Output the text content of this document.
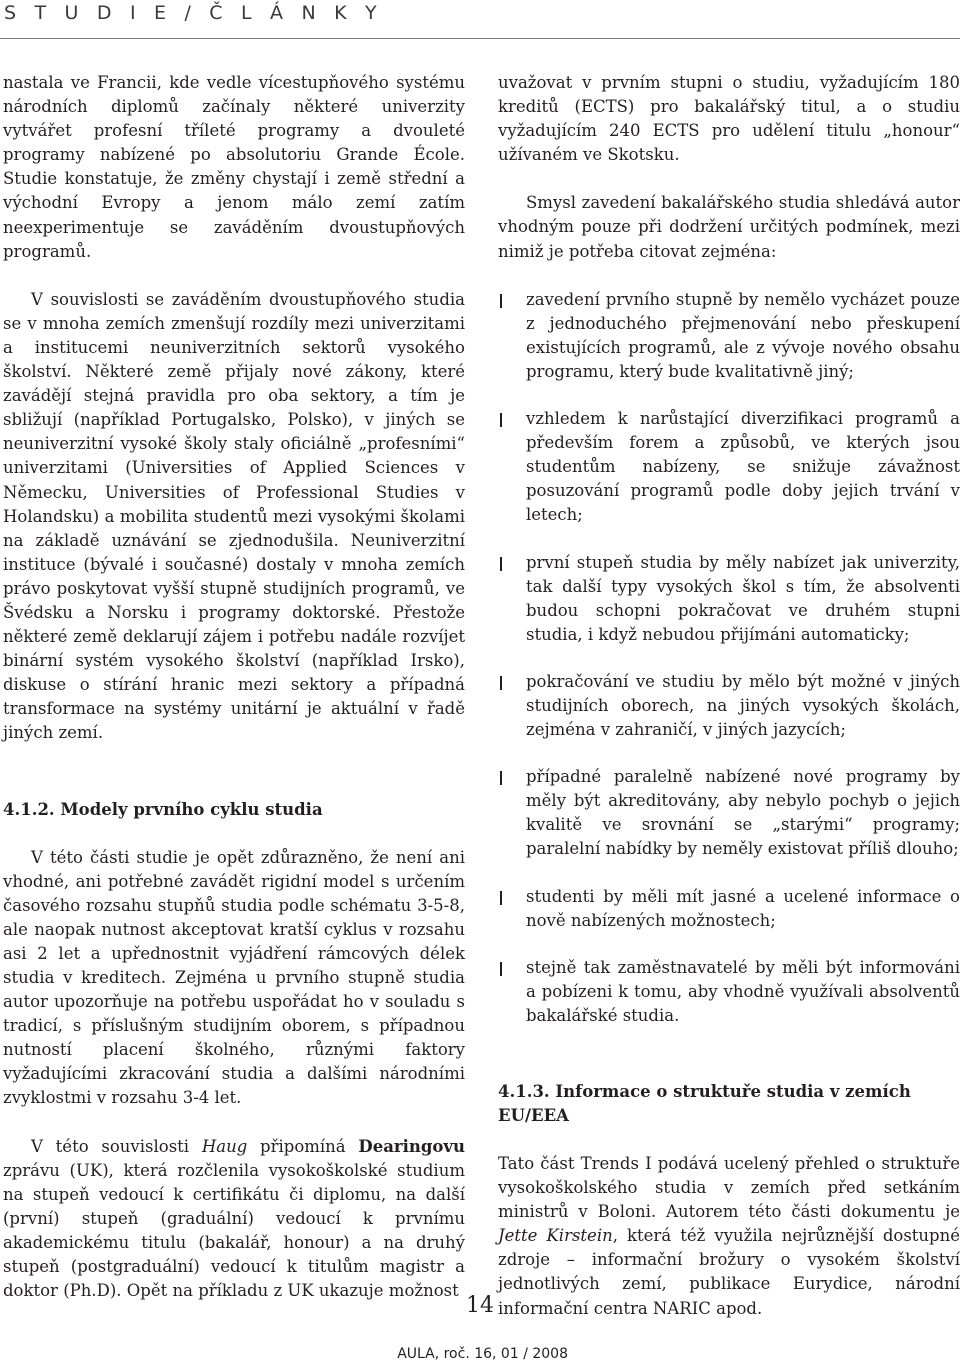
S T U D I E / Č L Á N K Y

nastala ve Francii, kde vedle vícestupňového systému národních diplomů začínaly některé univerzity vytvářet profesní tříleté programy a dvouleté programy nabízené po absolutoriu Grande École. Studie konstatuje, že změny chystají i země střední a východní Evropy a jenom málo zemí zatím neexperimentuje se zaváděním dvoustupňových programů.

V souvislosti se zaváděním dvoustupňového studia se v mnoha zemích zmenšují rozdíly mezi univerzitami a institucemi neuniverzitních sektorů vysokého školství. Některé země přijaly nové zákony, které zavádějí stejná pravidla pro oba sektory, a tím je sbližují (například Portugalsko, Polsko), v jiných se neuniverzitní vysoké školy staly oficiálně „profesními“ univerzitami (Universities of Applied Sciences v Německu, Universities of Professional Studies v Holandsku) a mobilita studentů mezi vysokými školami na základě uznávání se zjednodušila. Neuniverzitní instituce (bývalé i současné) dostaly v mnoha zemích právo poskytovat vyšší stupně studijních programů, ve Švédsku a Norsku i programy doktorské. Přestože některé země deklarují zájem i potřebu nadále rozvíjet binární systém vysokého školství (například Irsko), diskuse o stírání hranic mezi sektory a případná transformace na systémy unitární je aktuální v řadě jiných zemí.

4.1.2. Modely prvního cyklu studia

V této části studie je opět zdůrazněno, že není ani vhodné, ani potřebné zavádět rigidní model s určením časového rozsahu stupňů studia podle schématu 3-5-8, ale naopak nutnost akceptovat kratší cyklus v rozsahu asi 2 let a upřednostnit vyjádření rámcových délek studia v kreditech. Zejména u prvního stupně studia autor upozorňuje na potřebu uspořádat ho v souladu s tradicí, s příslušným studijním oborem, s případnou nutností placení školného, různými faktory vyžadujícími zkracování studia a dalšími národními zvyklostmi v rozsahu 3-4 let.

V této souvislosti Haug připomíná Dearingovu zprávu (UK), která rozčlenila vysokoškolské studium na stupeň vedoucí k certifikátu či diplomu, na další (první) stupeň (graduální) vedoucí k prvnímu akademickému titulu (bakalář, honour) a na druhý stupeň (postgraduální) vedoucí k titulům magistr a doktor (Ph.D). Opět na příkladu z UK ukazuje možnost

uvažovat v prvním stupni o studiu, vyžadujícím 180 kreditů (ECTS) pro bakalářský titul, a o studiu vyžadujícím 240 ECTS pro udělení titulu „honour“ užívaném ve Skotsku.

Smysl zavedení bakalářského studia shledává autor vhodným pouze při dodržení určitých podmínek, mezi nimiž je potřeba citovat zejména:

zavedení prvního stupně by nemělo vycházet pouze z jednoduchého přejmenování nebo přeskupení existujících programů, ale z vývoje nového obsahu programu, který bude kvalitativně jiný;
vzhledem k narůstající diverzifikaci programů a především forem a způsobů, ve kterých jsou studentům nabízeny, se snižuje závažnost posuzování programů podle doby jejich trvání v letech;
první stupeň studia by měly nabízet jak univerzity, tak další typy vysokých škol s tím, že absolventi budou schopni pokračovat ve druhém stupni studia, i když nebudou přijímáni automaticky;
pokračování ve studiu by mělo být možné v jiných studijních oborech, na jiných vysokých školách, zejména v zahraničí, v jiných jazycích;
případné paralelně nabízené nové programy by měly být akreditovány, aby nebylo pochyb o jejich kvalitě ve srovnání se „starými“ programy; paralelní nabídky by neměly existovat příliš dlouho;
studenti by měli mít jasné a ucelené informace o nově nabízených možnostech;
stejně tak zaměstnavatelé by měli být informováni a pobízeni k tomu, aby vhodně využívali absolventů bakalářské studia.
4.1.3. Informace o struktuře studia v zemích EU/EEA

Tato část Trends I podává ucelený přehled o struktuře vysokoškolského studia v zemích před setkáním ministrů v Boloni. Autorem této části dokumentu je Jette Kirstein, která též využila nejrůznější dostupné zdroje – informační brožury o vysokém školství jednotlivých zemí, publikace Eurydice, národní informační centra NARIC apod.

14
AULA, roč. 16, 01 / 2008
